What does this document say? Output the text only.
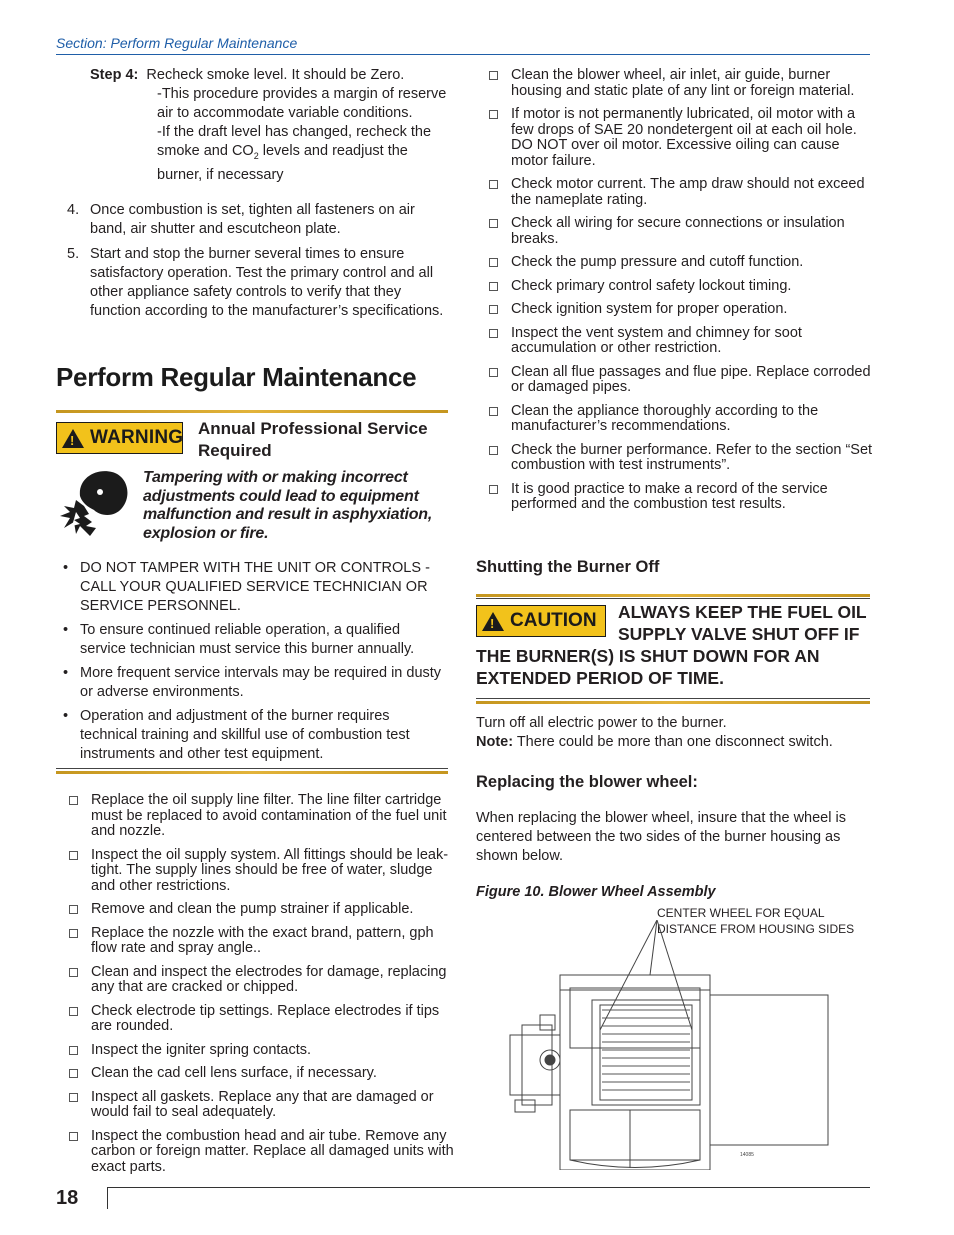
Section: Perform Regular Maintenance
Step 4: Recheck smoke level. It should be Zero.
-This procedure provides a margin of reserve air to accommodate variable conditions.
-If the draft level has changed, recheck the smoke and $CO_2$ levels and readjust the burner, if necessary
4. Once combustion is set, tighten all fasteners on air band, air shutter and escutcheon plate.
5. Start and stop the burner several times to ensure satisfactory operation. Test the primary control and all other appliance safety controls to verify that they function according to the manufacturer’s specifications.
Perform Regular Maintenance
! WARNING Annual Professional Service Required
Tampering with or making incorrect adjustments could lead to equipment malfunction and result in asphyxiation, explosion or fire.
• DO NOT TAMPER WITH THE UNIT OR CONTROLS - CALL YOUR QUALIFIED SERVICE TECHNICIAN OR SERVICE PERSONNEL.
• To ensure continued reliable operation, a qualified service technician must service this burner annually.
• More frequent service intervals may be required in dusty or adverse environments.
• Operation and adjustment of the burner requires technical training and skillful use of combustion test instruments and other test equipment.
Replace the oil supply line filter. The line filter cartridge must be replaced to avoid contamination of the fuel unit and nozzle.
Inspect the oil supply system. All fittings should be leak-tight. The supply lines should be free of water, sludge and other restrictions.
Remove and clean the pump strainer if applicable.
Replace the nozzle with the exact brand, pattern, gph flow rate and spray angle..
Clean and inspect the electrodes for damage, replacing any that are cracked or chipped.
Check electrode tip settings. Replace electrodes if tips are rounded.
Inspect the igniter spring contacts.
Clean the cad cell lens surface, if necessary.
Inspect all gaskets. Replace any that are damaged or would fail to seal adequately.
Inspect the combustion head and air tube. Remove any carbon or foreign matter. Replace all damaged units with exact parts.
Clean the blower wheel, air inlet, air guide, burner housing and static plate of any lint or foreign material.
If motor is not permanently lubricated, oil motor with a few drops of SAE 20 nondetergent oil at each oil hole. DO NOT over oil motor. Excessive oiling can cause motor failure.
Check motor current. The amp draw should not exceed the nameplate rating.
Check all wiring for secure connections or insulation breaks.
Check the pump pressure and cutoff function.
Check primary control safety lockout timing.
Check ignition system for proper operation.
Inspect the vent system and chimney for soot accumulation or other restriction.
Clean all flue passages and flue pipe. Replace corroded or damaged pipes.
Clean the appliance thoroughly according to the manufacturer’s recommendations.
Check the burner performance. Refer to the section “Set combustion with test instruments”.
It is good practice to make a record of the service performed and the combustion test results.
Shutting the Burner Off
! CAUTION	ALWAYS KEEP THE FUEL OIL SUPPLY VALVE SHUT OFF IF THE BURNER(S) IS SHUT DOWN FOR AN EXTENDED PERIOD OF TIME.
Turn off all electric power to the burner.
Note: There could be more than one disconnect switch.
Replacing the blower wheel:
When replacing the blower wheel, insure that the wheel is centered between the two sides of the burner housing as shown below.
Figure 10. Blower Wheel Assembly
CENTER WHEEL FOR EQUAL DISTANCE FROM HOUSING SIDES
14085
18
